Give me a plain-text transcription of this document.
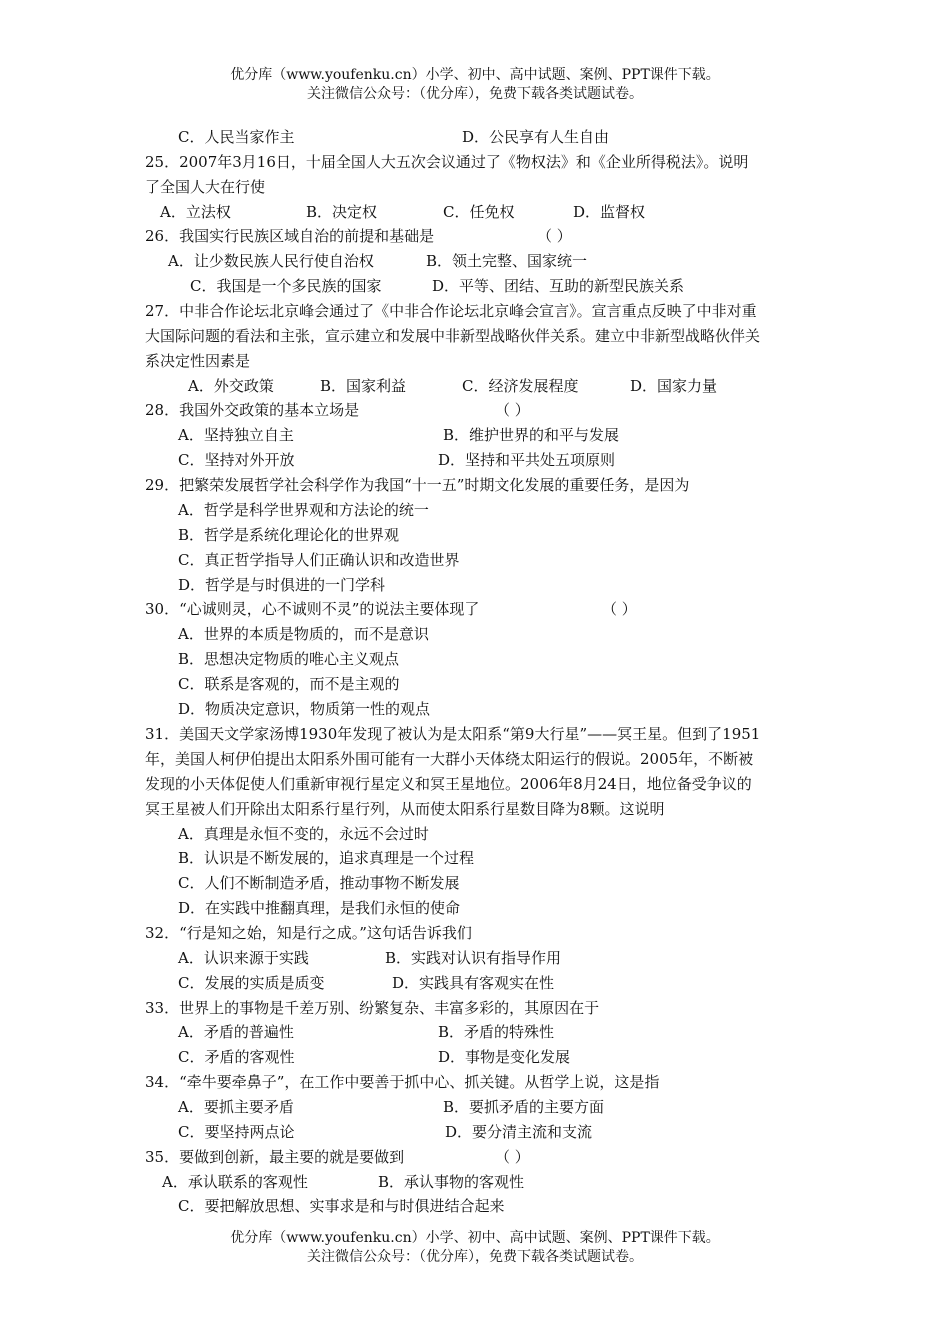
优分库（www.youfenku.cn）小学、初中、高中试题、案例、PPT课件下载。
关注微信公众号：（优分库），免费下载各类试题试卷。
C．人民当家作主	D．公民享有人生自由
25．2007年3月16日，十届全国人大五次会议通过了《物权法》和《企业所得税法》。说明
了全国人大在行使
A．立法权	B．决定权	C．任免权	D．监督权
26．我国实行民族区域自治的前提和基础是	（ ）
A．让少数民族人民行使自治权	B．领土完整、国家统一
C．我国是一个多民族的国家	D．平等、团结、互助的新型民族关系
27．中非合作论坛北京峰会通过了《中非合作论坛北京峰会宣言》。宣言重点反映了中非对重
大国际问题的看法和主张，宣示建立和发展中非新型战略伙伴关系。建立中非新型战略伙伴关
系决定性因素是
A．外交政策	B．国家利益	C．经济发展程度	D．国家力量
28．我国外交政策的基本立场是	（ ）
A．坚持独立自主	B．维护世界的和平与发展
C．坚持对外开放	D．坚持和平共处五项原则
29．把繁荣发展哲学社会科学作为我国“十一五”时期文化发展的重要任务，是因为
A．哲学是科学世界观和方法论的统一
B．哲学是系统化理论化的世界观
C．真正哲学指导人们正确认识和改造世界
D．哲学是与时俱进的一门学科
30．“心诚则灵，心不诚则不灵”的说法主要体现了	（ ）
A．世界的本质是物质的，而不是意识
B．思想决定物质的唯心主义观点
C．联系是客观的，而不是主观的
D．物质决定意识，物质第一性的观点
31．美国天文学家汤博1930年发现了被认为是太阳系“第9大行星”——冥王星。但到了1951
年，美国人柯伊伯提出太阳系外围可能有一大群小天体绕太阳运行的假说。2005年，不断被
发现的小天体促使人们重新审视行星定义和冥王星地位。2006年8月24日，地位备受争议的
冥王星被人们开除出太阳系行星行列，从而使太阳系行星数目降为8颗。这说明
A．真理是永恒不变的，永远不会过时
B．认识是不断发展的，追求真理是一个过程
C．人们不断制造矛盾，推动事物不断发展
D．在实践中推翻真理，是我们永恒的使命
32．“行是知之始，知是行之成。”这句话告诉我们
A．认识来源于实践	B．实践对认识有指导作用
C．发展的实质是质变	D．实践具有客观实在性
33．世界上的事物是千差万别、纷繁复杂、丰富多彩的，其原因在于
A．矛盾的普遍性	B．矛盾的特殊性
C．矛盾的客观性	D．事物是变化发展
34．“牵牛要牵鼻子”，在工作中要善于抓中心、抓关键。从哲学上说，这是指
A．要抓主要矛盾	B．要抓矛盾的主要方面
C．要坚持两点论	D．要分清主流和支流
35．要做到创新，最主要的就是要做到	（ ）
A．承认联系的客观性	B．承认事物的客观性
C．要把解放思想、实事求是和与时俱进结合起来
优分库（www.youfenku.cn）小学、初中、高中试题、案例、PPT课件下载。
关注微信公众号：（优分库），免费下载各类试题试卷。
